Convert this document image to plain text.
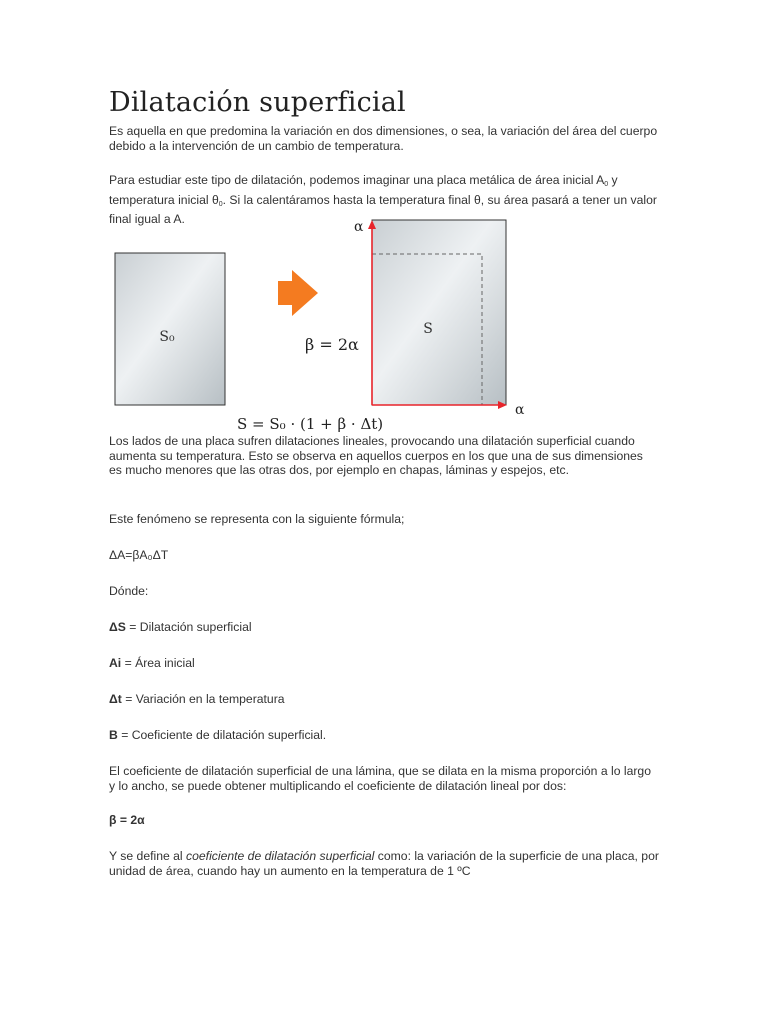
Dilatación superficial

Es aquella en que predomina la variación en dos dimensiones, o sea, la variación del área del cuerpo debido a la intervención de un cambio de temperatura.

Para estudiar este tipo de dilatación, podemos imaginar una placa metálica de área inicial $A_0$ y temperatura inicial $\theta_0$. Si la calentáramos hasta la temperatura final θ, su área pasará a tener un valor final igual a A.

S₀	β = 2α
S
α
α
S = S₀ · (1 + β · Δt)

Los lados de una placa sufren dilataciones lineales, provocando una dilatación superficial cuando aumenta su temperatura. Esto se observa en aquellos cuerpos en los que una de sus dimensiones es mucho menores que las otras dos, por ejemplo en chapas, láminas y espejos, etc.

Este fenómeno se representa con la siguiente fórmula;

ΔA=βA₀ΔT

Dónde:

ΔS = Dilatación superficial

Ai = Área inicial

Δt = Variación en la temperatura

B = Coeficiente de dilatación superficial.

El coeficiente de dilatación superficial de una lámina, que se dilata en la misma proporción a lo largo y lo ancho, se puede obtener multiplicando el coeficiente de dilatación lineal por dos:

β = 2α

Y se define al coeficiente de dilatación superficial como: la variación de la superficie de una placa, por unidad de área, cuando hay un aumento en la temperatura de 1 ºC
